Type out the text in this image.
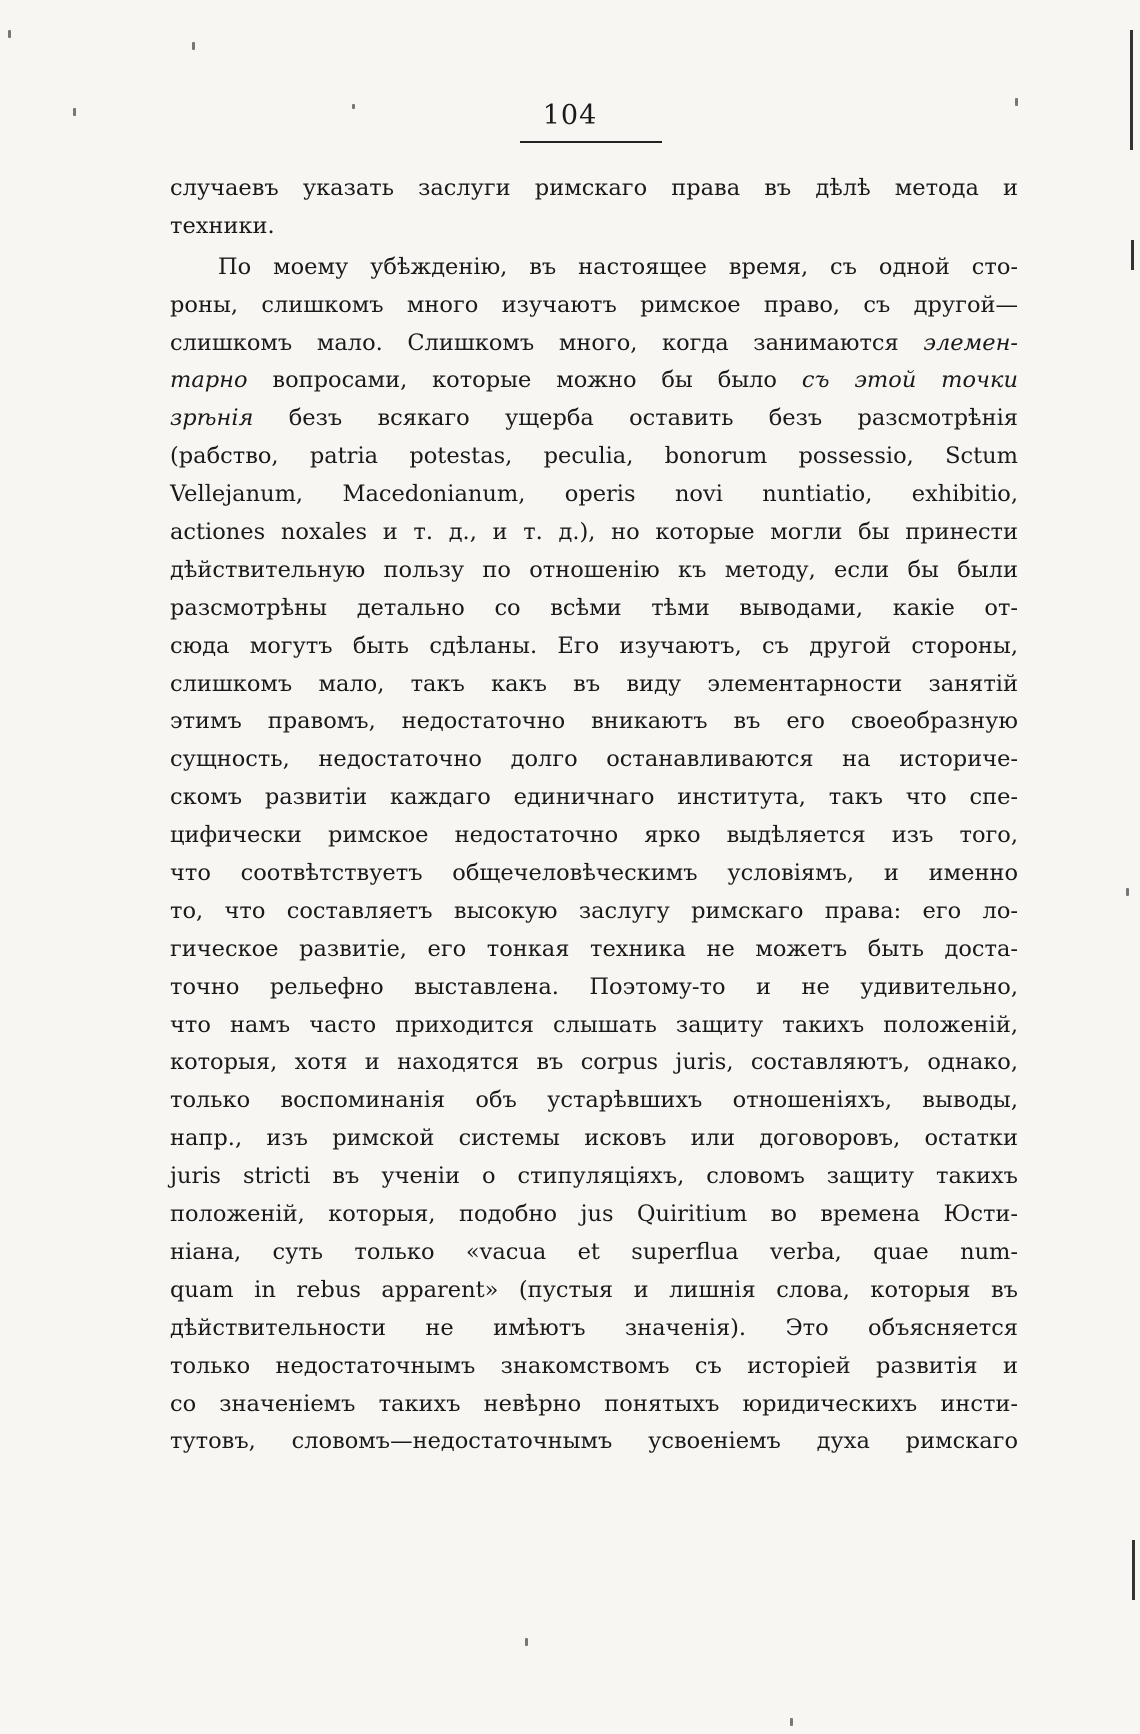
104
случаевъ указать заслуги римскаго права въ дѣлѣ метода и
техники.
По моему убѣжденію, въ настоящее время, съ одной сто-
роны, слишкомъ много изучаютъ римское право, съ другой—
слишкомъ мало. Слишкомъ много, когда занимаются элемен-
тарно вопросами, которые можно бы было съ этой точки
зрѣнія безъ всякаго ущерба оставить безъ разсмотрѣнія
(рабство, patria potestas, peculia, bonorum possessio, Sctum
Vellejanum, Macedonianum, operis novi nuntiatio, exhibitio,
actiones noxales и т. д., и т. д.), но которые могли бы принести
дѣйствительную пользу по отношенію къ методу, если бы были
разсмотрѣны детально со всѣми тѣми выводами, какіе от-
сюда могутъ быть сдѣланы. Его изучаютъ, съ другой стороны,
слишкомъ мало, такъ какъ въ виду элементарности занятій
этимъ правомъ, недостаточно вникаютъ въ его своеобразную
сущность, недостаточно долго останавливаются на историче-
скомъ развитіи каждаго единичнаго института, такъ что спе-
цифически римское недостаточно ярко выдѣляется изъ того,
что соотвѣтствуетъ общечеловѣческимъ условіямъ, и именно
то, что составляетъ высокую заслугу римскаго права: его ло-
гическое развитіе, его тонкая техника не можетъ быть доста-
точно рельефно выставлена. Поэтому-то и не удивительно,
что намъ часто приходится слышать защиту такихъ положеній,
которыя, хотя и находятся въ corpus juris, составляютъ, однако,
только воспоминанія объ устарѣвшихъ отношеніяхъ, выводы,
напр., изъ римской системы исковъ или договоровъ, остатки
juris stricti въ ученіи о стипуляціяхъ, словомъ защиту такихъ
положеній, которыя, подобно jus Quiritium во времена Юсти-
ніана, суть только «vacua et superflua verba, quae num-
quam in rebus apparent» (пустыя и лишнія слова, которыя въ
дѣйствительности не имѣютъ значенія). Это объясняется
только недостаточнымъ знакомствомъ съ исторіей развитія и
со значеніемъ такихъ невѣрно понятыхъ юридическихъ инсти-
тутовъ, словомъ—недостаточнымъ усвоеніемъ духа римскаго
